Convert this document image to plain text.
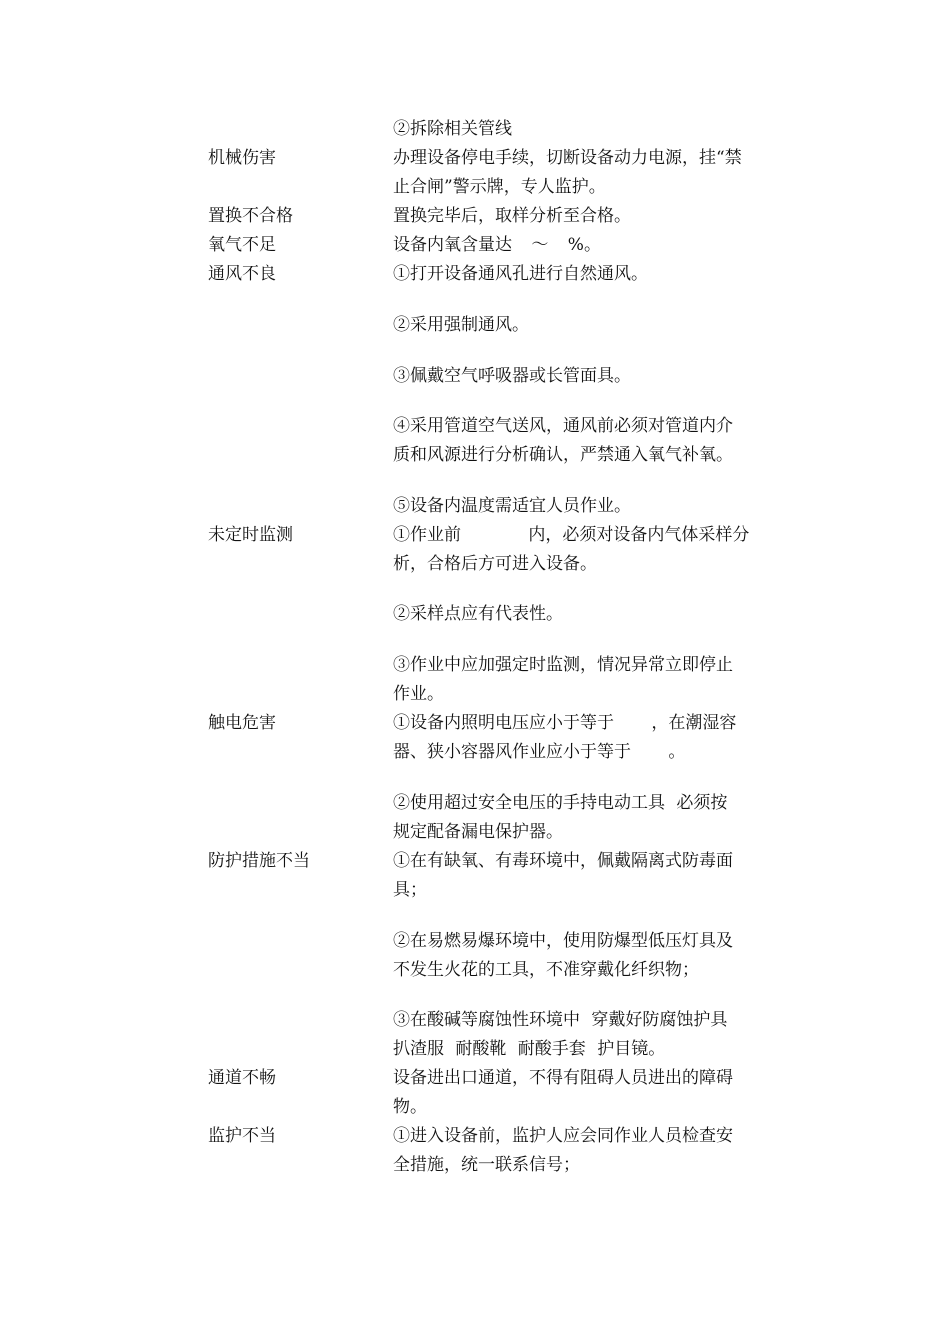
②拆除相关管线
机械伤害	办理设备停电手续，切断设备动力电源，挂“禁
止合闸”警示牌，专人监护。
置换不合格	置换完毕后，取样分析至合格。
氧气不足	设备内氧含量达 ～ %。
通风不良	①打开设备通风孔进行自然通风。
②采用强制通风。
③佩戴空气呼吸器或长管面具。
④采用管道空气送风，通风前必须对管道内介
质和风源进行分析确认，严禁通入氧气补氧。
⑤设备内温度需适宜人员作业。
未定时监测	①作业前 内，必须对设备内气体采样分
析，合格后方可进入设备。
②采样点应有代表性。
③作业中应加强定时监测，情况异常立即停止
作业。
触电危害	①设备内照明电压应小于等于 ，在潮湿容
器、狭小容器风作业应小于等于 。
②使用超过安全电压的手持电动工具 必须按
规定配备漏电保护器。
防护措施不当	①在有缺氧、有毒环境中，佩戴隔离式防毒面
具；
②在易燃易爆环境中，使用防爆型低压灯具及
不发生火花的工具，不准穿戴化纤织物；
③在酸碱等腐蚀性环境中 穿戴好防腐蚀护具
扒渣服 耐酸靴 耐酸手套 护目镜。
通道不畅	设备进出口通道，不得有阻碍人员进出的障碍
物。
监护不当	①进入设备前，监护人应会同作业人员检查安
全措施，统一联系信号；
